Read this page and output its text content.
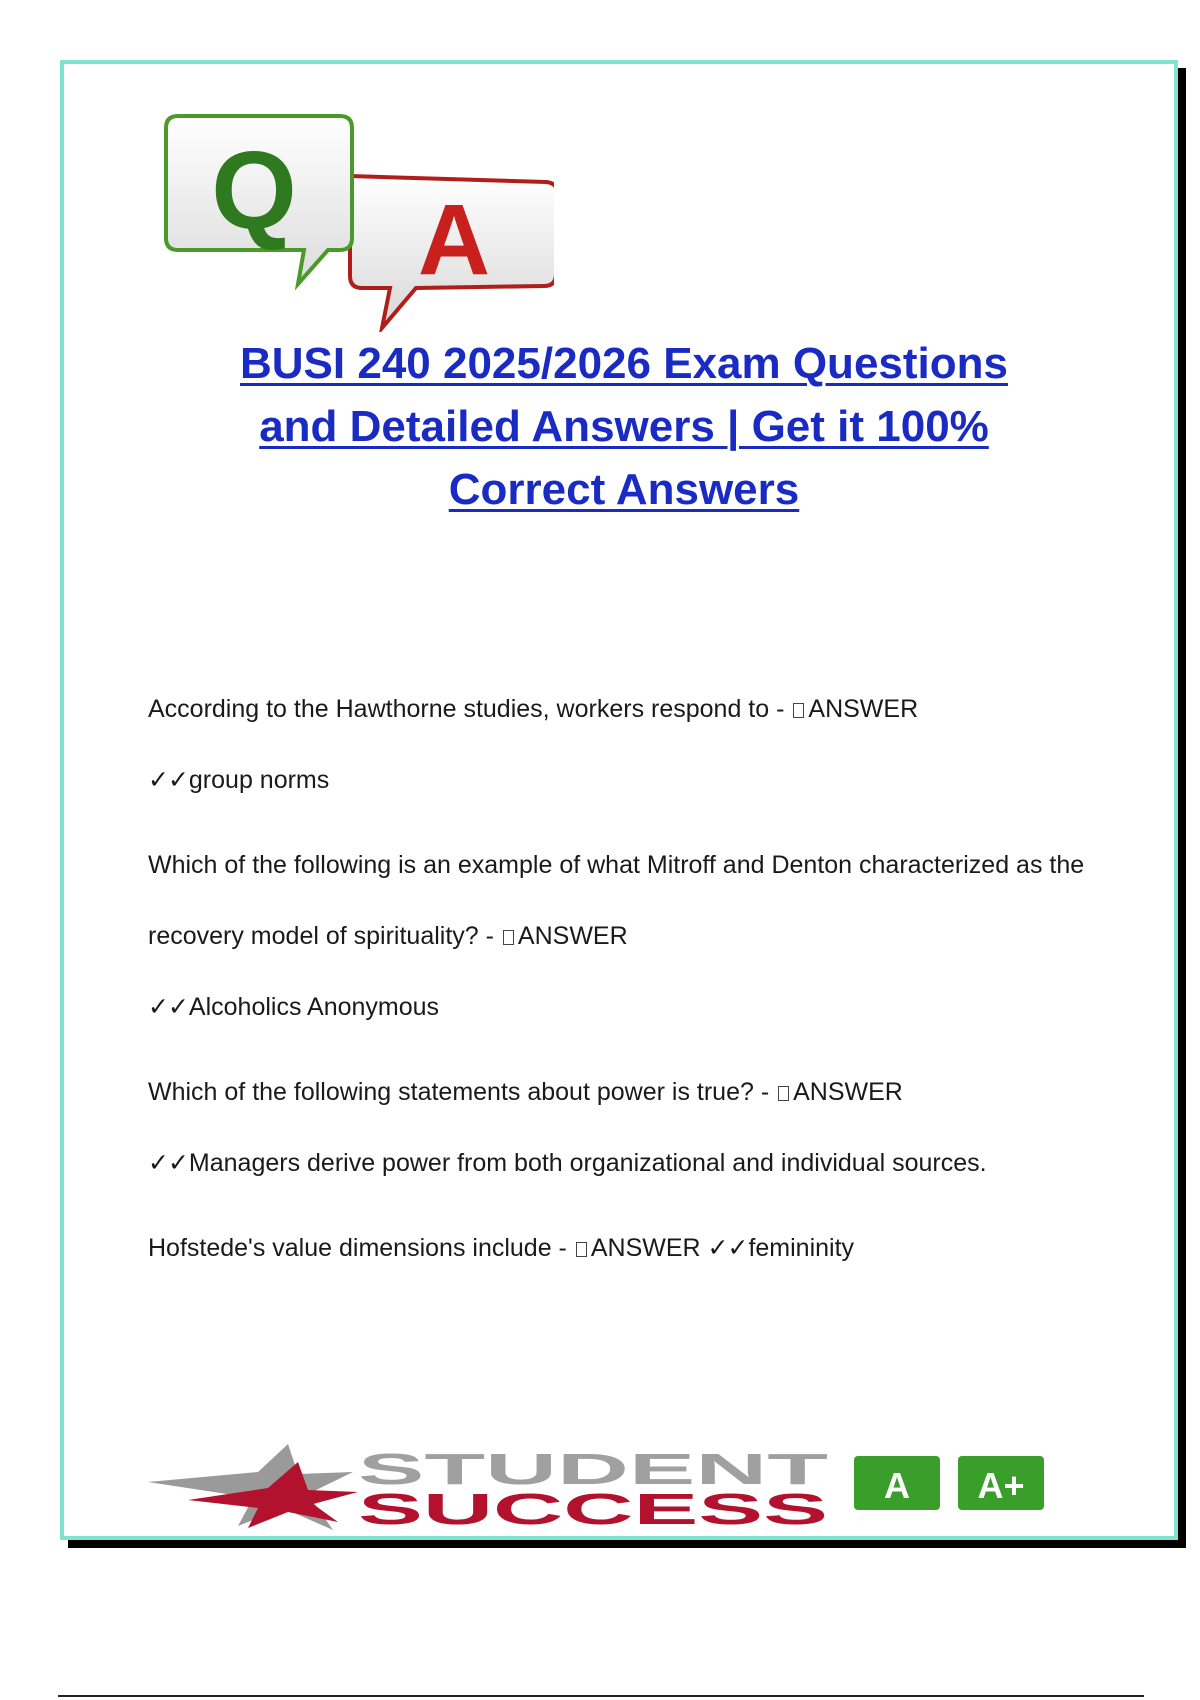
A
Q
BUSI 240 2025/2026 Exam Questions
and Detailed Answers | Get it 100%
Correct Answers
According to the Hawthorne studies, workers respond to - ANSWER
✓✓group norms
Which of the following is an example of what Mitroff and Denton characterized as the recovery model of spirituality? - ANSWER
✓✓Alcoholics Anonymous
Which of the following statements about power is true? - ANSWER
✓✓Managers derive power from both organizational and individual sources.
Hofstede's value dimensions include - ANSWER ✓✓femininity
STUDENT
SUCCESS A A+
